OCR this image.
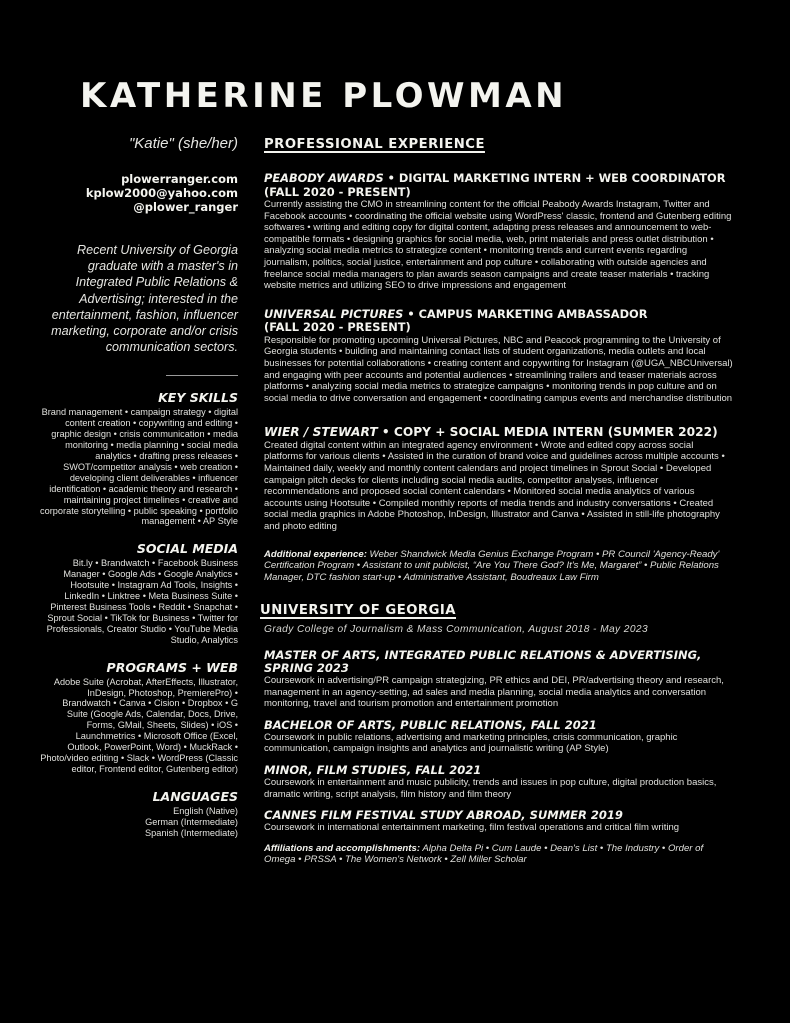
KATHERINE PLOWMAN

"Katie" (she/her)

plowerranger.com
kplow2000@yahoo.com
@plower_ranger
Recent University of Georgia graduate with a master's in Integrated Public Relations & Advertising; interested in the entertainment, fashion, influencer marketing, corporate and/or crisis communication sectors.
KEY SKILLS
Brand management • campaign strategy • digital content creation • copywriting and editing • graphic design • crisis communication • media monitoring • media planning • social media analytics • drafting press releases • SWOT/competitor analysis • web creation • developing client deliverables • influencer identification • academic theory and research • maintaining project timelines • creative and corporate storytelling • public speaking • portfolio management • AP Style
SOCIAL MEDIA
Bit.ly • Brandwatch • Facebook Business Manager • Google Ads • Google Analytics • Hootsuite • Instagram Ad Tools, Insights • LinkedIn • Linktree • Meta Business Suite • Pinterest Business Tools • Reddit • Snapchat • Sprout Social • TikTok for Business • Twitter for Professionals, Creator Studio • YouTube Media Studio, Analytics
PROGRAMS + WEB
Adobe Suite (Acrobat, AfterEffects, Illustrator, InDesign, Photoshop, PremierePro) • Brandwatch • Canva • Cision • Dropbox • G Suite (Google Ads, Calendar, Docs, Drive, Forms, GMail, Sheets, Slides) • iOS • Launchmetrics • Microsoft Office (Excel, Outlook, PowerPoint, Word) • MuckRack • Photo/video editing • Slack • WordPress (Classic editor, Frontend editor, Gutenberg editor)
LANGUAGES
English (Native)
German (Intermediate)
Spanish (Intermediate)
PROFESSIONAL EXPERIENCE
PEABODY AWARDS • DIGITAL MARKETING INTERN + WEB COORDINATOR
(FALL 2020 - PRESENT)
Currently assisting the CMO in streamlining content for the official Peabody Awards Instagram, Twitter and Facebook accounts • coordinating the official website using WordPress' classic, frontend and Gutenberg editing softwares • writing and editing copy for digital content, adapting press releases and announcement to web-compatible formats • designing graphics for social media, web, print materials and press outlet distribution • analyzing social media metrics to strategize content • monitoring trends and current events regarding journalism, politics, social justice, entertainment and pop culture • collaborating with outside agencies and freelance social media managers to plan awards season campaigns and create teaser materials • tracking website metrics and utilizing SEO to drive impressions and engagement
UNIVERSAL PICTURES • CAMPUS MARKETING AMBASSADOR
(FALL 2020 - PRESENT)
Responsible for promoting upcoming Universal Pictures, NBC and Peacock programming to the University of Georgia students • building and maintaining contact lists of student organizations, media outlets and local businesses for potential collaborations • creating content and copywriting for Instagram (@UGA_NBCUniversal) and engaging with peer accounts and potential audiences • streamlining trailers and teaser materials across platforms • analyzing social media metrics to strategize campaigns • monitoring trends in pop culture and on social media to drive conversation and engagement • coordinating campus events and merchandise distribution
WIER / STEWART • COPY + SOCIAL MEDIA INTERN (SUMMER 2022)
Created digital content within an integrated agency environment • Wrote and edited copy across social platforms for various clients • Assisted in the curation of brand voice and guidelines across multiple accounts • Maintained daily, weekly and monthly content calendars and project timelines in Sprout Social • Developed campaign pitch decks for clients including social media audits, competitor analyses, influencer recommendations and proposed social content calendars • Monitored social media analytics of various accounts using Hootsuite • Compiled monthly reports of media trends and industry conversations • Created social media graphics in Adobe Photoshop, InDesign, Illustrator and Canva • Assisted in still-life photography and photo editing
Additional experience: Weber Shandwick Media Genius Exchange Program • PR Council 'Agency-Ready' Certification Program • Assistant to unit publicist, “Are You There God? It's Me, Margaret” • Public Relations Manager, DTC fashion start-up • Administrative Assistant, Boudreaux Law Firm
UNIVERSITY OF GEORGIA
Grady College of Journalism & Mass Communication, August 2018 - May 2023
MASTER OF ARTS, INTEGRATED PUBLIC RELATIONS & ADVERTISING, SPRING 2023
Coursework in advertising/PR campaign strategizing, PR ethics and DEI, PR/advertising theory and research, management in an agency-setting, ad sales and media planning, social media analytics and conversation monitoring, travel and tourism promotion and entertainment promotion
BACHELOR OF ARTS, PUBLIC RELATIONS, FALL 2021
Coursework in public relations, advertising and marketing principles, crisis communication, graphic communication, campaign insights and analytics and journalistic writing (AP Style)
MINOR, FILM STUDIES, FALL 2021
Coursework in entertainment and music publicity, trends and issues in pop culture, digital production basics, dramatic writing, script analysis, film history and film theory
CANNES FILM FESTIVAL STUDY ABROAD, SUMMER 2019
Coursework in international entertainment marketing, film festival operations and critical film writing
Affiliations and accomplishments: Alpha Delta Pi • Cum Laude • Dean's List • The Industry • Order of Omega • PRSSA • The Women's Network • Zell Miller Scholar
